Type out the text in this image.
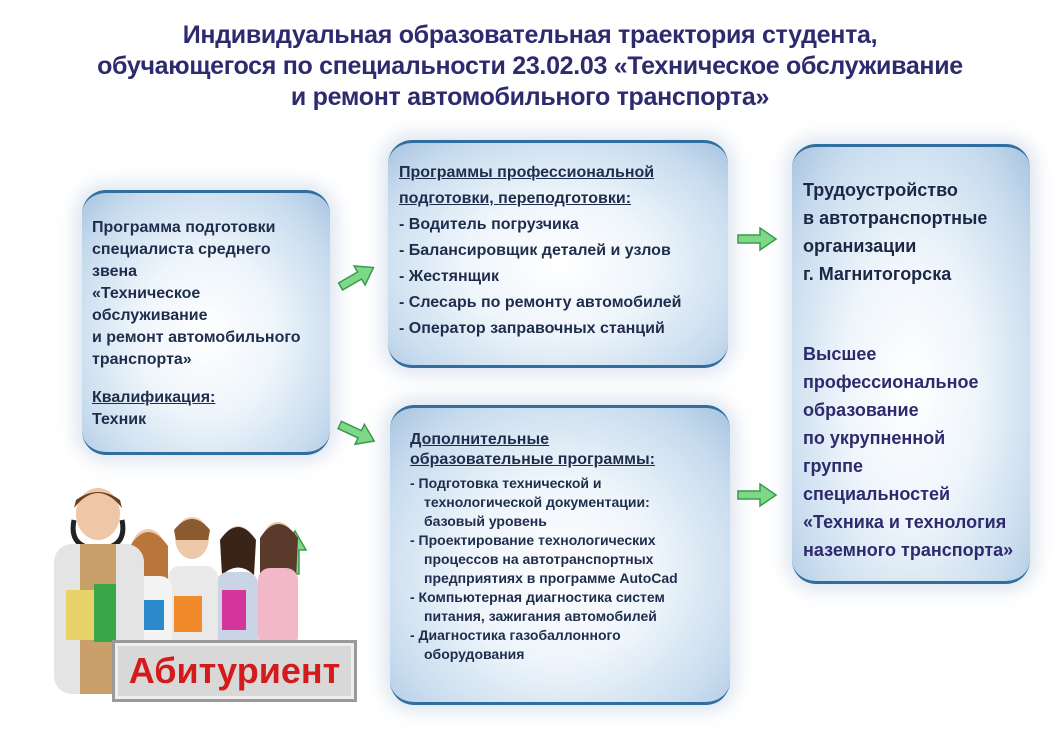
Индивидуальная образовательная траектория студента,
обучающегося по специальности 23.02.03 «Техническое обслуживание
и ремонт автомобильного транспорта»
Программа подготовки
специалиста среднего
звена
«Техническое
обслуживание
и ремонт автомобильного
транспорта»
Квалификация:
Техник
Программы профессиональной
подготовки, переподготовки:
- Водитель погрузчика
- Балансировщик деталей и узлов
- Жестянщик
- Слесарь по ремонту автомобилей
- Оператор заправочных станций
Дополнительные
образовательные программы:
- Подготовка технической и
технологической документации:
базовый уровень
- Проектирование технологических
процессов на автотранспортных
предприятиях в программе AutoCad
- Компьютерная диагностика систем
питания, зажигания автомобилей
- Диагностика газобаллонного
оборудования
Трудоустройство
в автотранспортные
организации
г. Магнитогорска
Высшее
профессиональное
образование
по укрупненной
группе
специальностей
«Техника и технология
наземного транспорта»
Абитуриент
